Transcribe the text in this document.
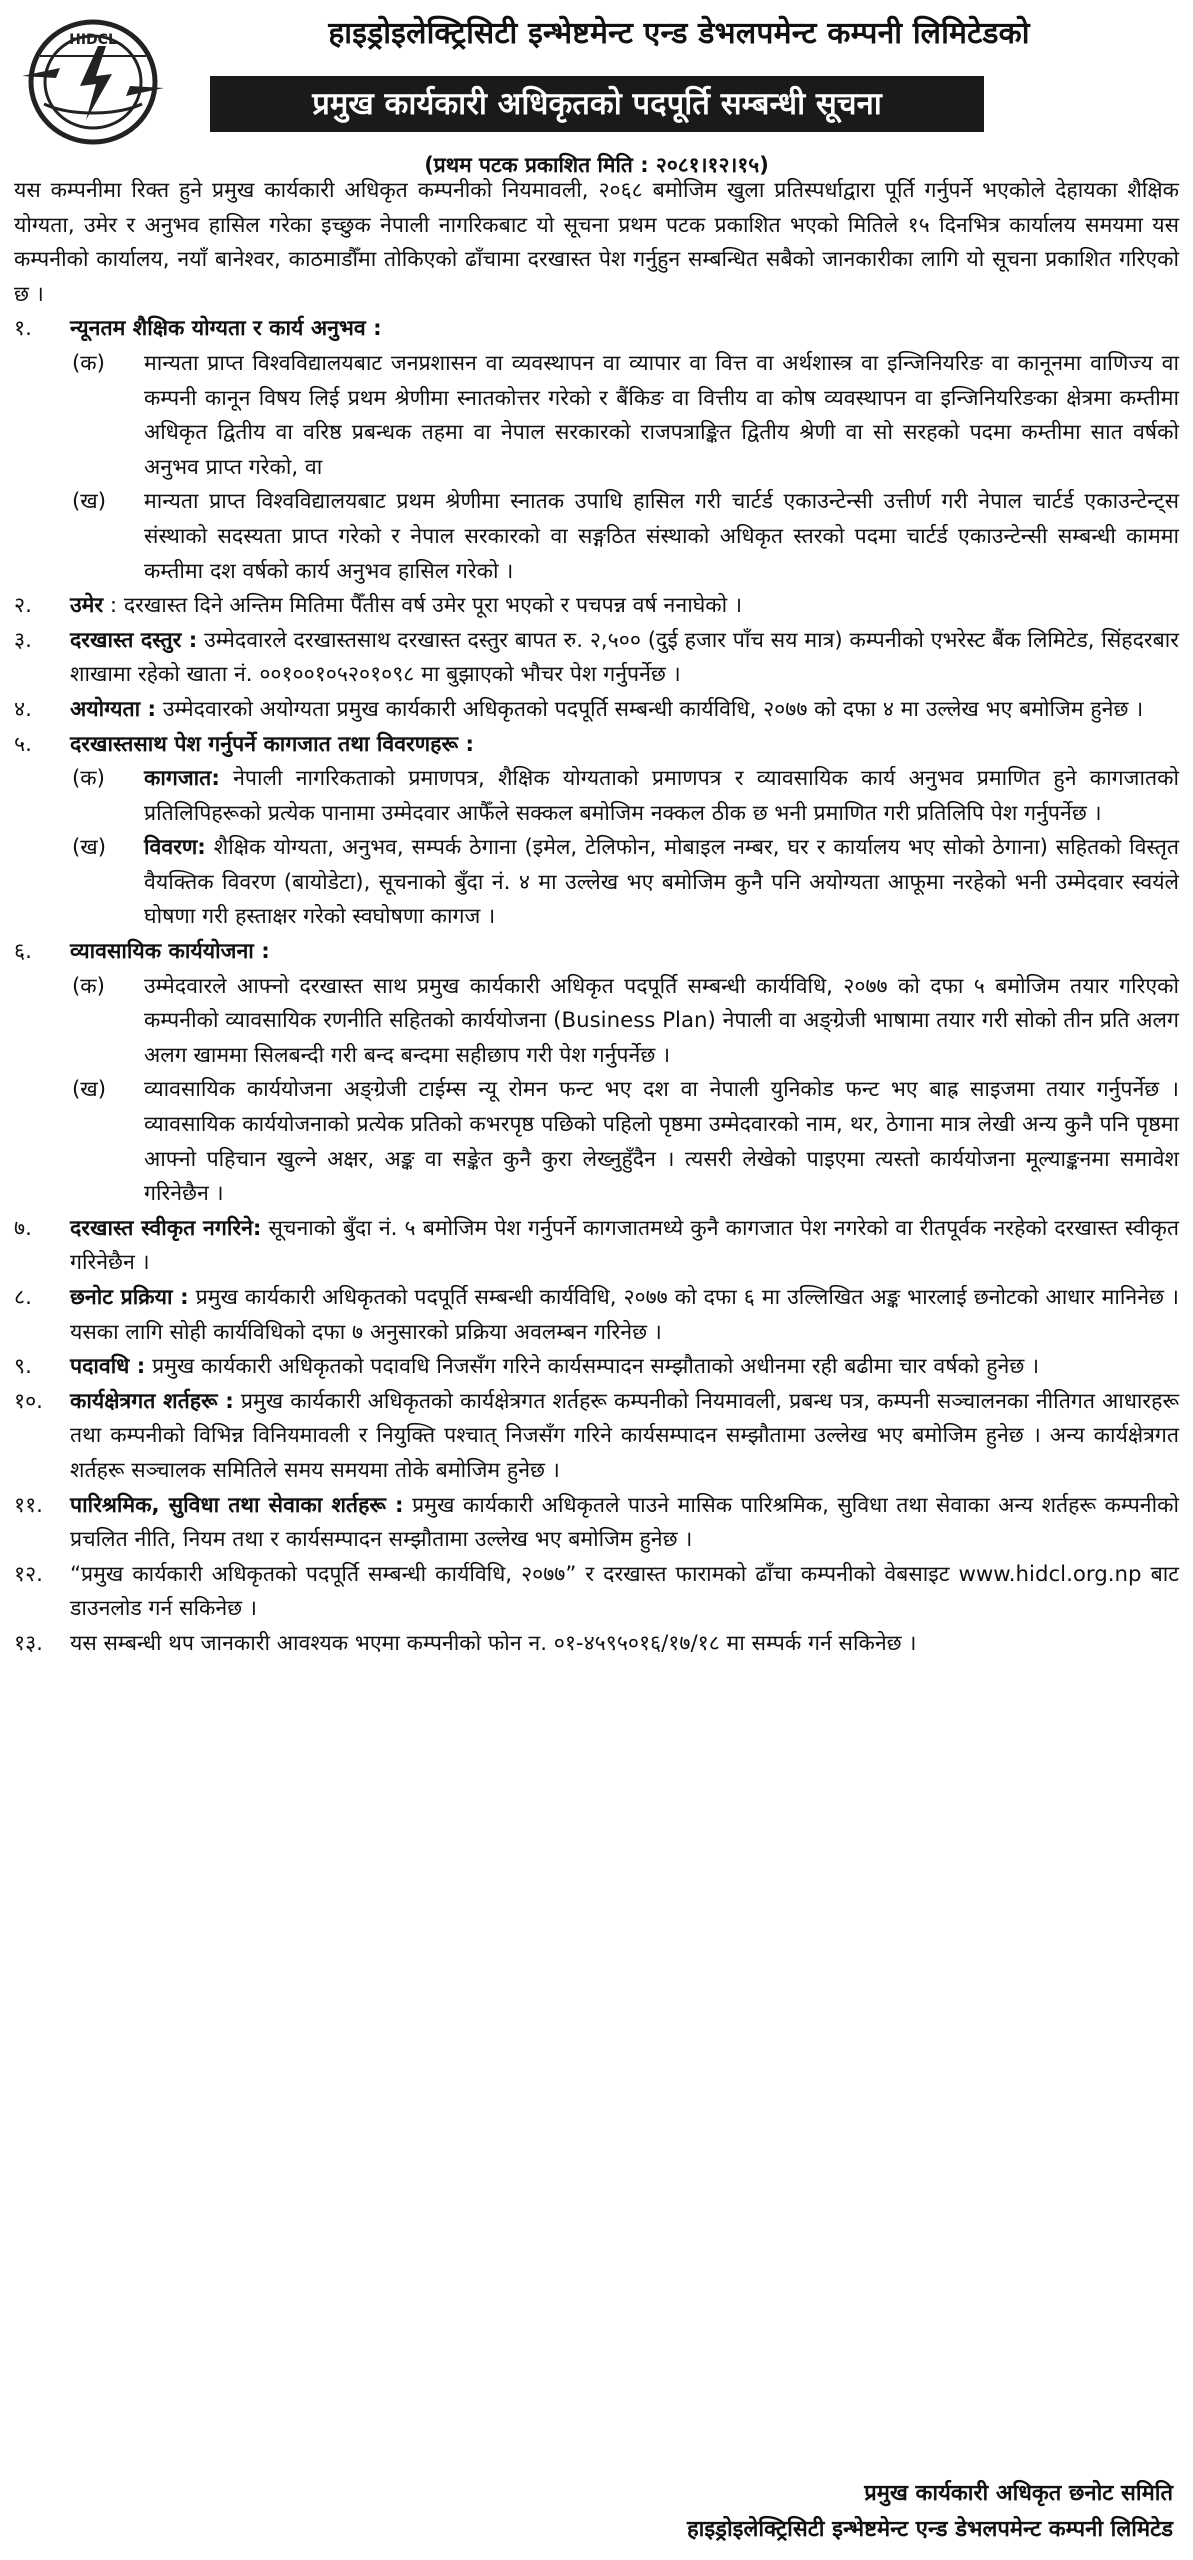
HIDCL	हाइड्रोइलेक्ट्रिसिटी इन्भेष्टमेन्ट एन्ड डेभलपमेन्ट कम्पनी लिमिटेडको
प्रमुख कार्यकारी अधिकृतको पदपूर्ति सम्बन्धी सूचना
(प्रथम पटक प्रकाशित मिति : २०८१।१२।१५)

यस कम्पनीमा रिक्त हुने प्रमुख कार्यकारी अधिकृत कम्पनीको नियमावली, २०६८ बमोजिम खुला प्रतिस्पर्धाद्वारा पूर्ति गर्नुपर्ने भएकोले देहायका शैक्षिक योग्यता, उमेर र अनुभव हासिल गरेका इच्छुक नेपाली नागरिकबाट यो सूचना प्रथम पटक प्रकाशित भएको मितिले १५ दिनभित्र कार्यालय समयमा यस कम्पनीको कार्यालय, नयाँ बानेश्वर, काठमाडौँमा तोकिएको ढाँचामा दरखास्त पेश गर्नुहुन सम्बन्धित सबैको जानकारीका लागि यो सूचना प्रकाशित गरिएको छ ।

१.	न्यूनतम शैक्षिक योग्यता र कार्य अनुभव :
(क)	मान्यता प्राप्त विश्वविद्यालयबाट जनप्रशासन वा व्यवस्थापन वा व्यापार वा वित्त वा अर्थशास्त्र वा इन्जिनियरिङ वा कानूनमा वाणिज्य वा कम्पनी कानून विषय लिई प्रथम श्रेणीमा स्नातकोत्तर गरेको र बैंकिङ वा वित्तीय वा कोष व्यवस्थापन वा इन्जिनियरिङका क्षेत्रमा कम्तीमा अधिकृत द्वितीय वा वरिष्ठ प्रबन्धक तहमा वा नेपाल सरकारको राजपत्राङ्कित द्वितीय श्रेणी वा सो सरहको पदमा कम्तीमा सात वर्षको अनुभव प्राप्त गरेको, वा
(ख)	मान्यता प्राप्त विश्वविद्यालयबाट प्रथम श्रेणीमा स्नातक उपाधि हासिल गरी चार्टर्ड एकाउन्टेन्सी उत्तीर्ण गरी नेपाल चार्टर्ड एकाउन्टेन्ट्स संस्थाको सदस्यता प्राप्त गरेको र नेपाल सरकारको वा सङ्गठित संस्थाको अधिकृत स्तरको पदमा चार्टर्ड एकाउन्टेन्सी सम्बन्धी काममा कम्तीमा दश वर्षको कार्य अनुभव हासिल गरेको ।
२.	उमेर : दरखास्त दिने अन्तिम मितिमा पैँतीस वर्ष उमेर पूरा भएको र पचपन्न वर्ष ननाघेको ।
३.	दरखास्त दस्तुर : उम्मेदवारले दरखास्तसाथ दरखास्त दस्तुर बापत रु. २,५०० (दुई हजार पाँच सय मात्र) कम्पनीको एभरेस्ट बैंक लिमिटेड, सिंहदरबार शाखामा रहेको खाता नं. ००१००१०५२०१०९८ मा बुझाएको भौचर पेश गर्नुपर्नेछ ।
४.	अयोग्यता : उम्मेदवारको अयोग्यता प्रमुख कार्यकारी अधिकृतको पदपूर्ति सम्बन्धी कार्यविधि, २०७७ को दफा ४ मा उल्लेख भए बमोजिम हुनेछ ।
५.	दरखास्तसाथ पेश गर्नुपर्ने कागजात तथा विवरणहरू :
(क)	कागजात: नेपाली नागरिकताको प्रमाणपत्र, शैक्षिक योग्यताको प्रमाणपत्र र व्यावसायिक कार्य अनुभव प्रमाणित हुने कागजातको प्रतिलिपिहरूको प्रत्येक पानामा उम्मेदवार आफैँले सक्कल बमोजिम नक्कल ठीक छ भनी प्रमाणित गरी प्रतिलिपि पेश गर्नुपर्नेछ ।
(ख)	विवरण: शैक्षिक योग्यता, अनुभव, सम्पर्क ठेगाना (इमेल, टेलिफोन, मोबाइल नम्बर, घर र कार्यालय भए सोको ठेगाना) सहितको विस्तृत वैयक्तिक विवरण (बायोडेटा), सूचनाको बुँदा नं. ४ मा उल्लेख भए बमोजिम कुनै पनि अयोग्यता आफूमा नरहेको भनी उम्मेदवार स्वयंले घोषणा गरी हस्ताक्षर गरेको स्वघोषणा कागज ।
६.	व्यावसायिक कार्ययोजना :
(क)	उम्मेदवारले आफ्नो दरखास्त साथ प्रमुख कार्यकारी अधिकृत पदपूर्ति सम्बन्धी कार्यविधि, २०७७ को दफा ५ बमोजिम तयार गरिएको कम्पनीको व्यावसायिक रणनीति सहितको कार्ययोजना (Business Plan) नेपाली वा अङ्ग्रेजी भाषामा तयार गरी सोको तीन प्रति अलग अलग खाममा सिलबन्दी गरी बन्द बन्दमा सहीछाप गरी पेश गर्नुपर्नेछ ।
(ख)	व्यावसायिक कार्ययोजना अङ्ग्रेजी टाईम्स न्यू रोमन फन्ट भए दश वा नेपाली युनिकोड फन्ट भए बाह्र साइजमा तयार गर्नुपर्नेछ । व्यावसायिक कार्ययोजनाको प्रत्येक प्रतिको कभरपृष्ठ पछिको पहिलो पृष्ठमा उम्मेदवारको नाम, थर, ठेगाना मात्र लेखी अन्य कुनै पनि पृष्ठमा आफ्नो पहिचान खुल्ने अक्षर, अङ्क वा सङ्केत कुनै कुरा लेख्नुहुँदैन । त्यसरी लेखेको पाइएमा त्यस्तो कार्ययोजना मूल्याङ्कनमा समावेश गरिनेछैन ।
७.	दरखास्त स्वीकृत नगरिने: सूचनाको बुँदा नं. ५ बमोजिम पेश गर्नुपर्ने कागजातमध्ये कुनै कागजात पेश नगरेको वा रीतपूर्वक नरहेको दरखास्त स्वीकृत गरिनेछैन ।
८.	छनोट प्रक्रिया : प्रमुख कार्यकारी अधिकृतको पदपूर्ति सम्बन्धी कार्यविधि, २०७७ को दफा ६ मा उल्लिखित अङ्क भारलाई छनोटको आधार मानिनेछ । यसका लागि सोही कार्यविधिको दफा ७ अनुसारको प्रक्रिया अवलम्बन गरिनेछ ।
९.	पदावधि : प्रमुख कार्यकारी अधिकृतको पदावधि निजसँग गरिने कार्यसम्पादन सम्झौताको अधीनमा रही बढीमा चार वर्षको हुनेछ ।
१०.	कार्यक्षेत्रगत शर्तहरू : प्रमुख कार्यकारी अधिकृतको कार्यक्षेत्रगत शर्तहरू कम्पनीको नियमावली, प्रबन्ध पत्र, कम्पनी सञ्चालनका नीतिगत आधारहरू तथा कम्पनीको विभिन्न विनियमावली र नियुक्ति पश्चात् निजसँग गरिने कार्यसम्पादन सम्झौतामा उल्लेख भए बमोजिम हुनेछ । अन्य कार्यक्षेत्रगत शर्तहरू सञ्चालक समितिले समय समयमा तोके बमोजिम हुनेछ ।
११.	पारिश्रमिक, सुविधा तथा सेवाका शर्तहरू : प्रमुख कार्यकारी अधिकृतले पाउने मासिक पारिश्रमिक, सुविधा तथा सेवाका अन्य शर्तहरू कम्पनीको प्रचलित नीति, नियम तथा र कार्यसम्पादन सम्झौतामा उल्लेख भए बमोजिम हुनेछ ।
१२.	“प्रमुख कार्यकारी अधिकृतको पदपूर्ति सम्बन्धी कार्यविधि, २०७७” र दरखास्त फारामको ढाँचा कम्पनीको वेबसाइट www.hidcl.org.np बाट डाउनलोड गर्न सकिनेछ ।
१३.	यस सम्बन्धी थप जानकारी आवश्यक भएमा कम्पनीको फोन न. ०१-४५९५०१६/१७/१८ मा सम्पर्क गर्न सकिनेछ ।
प्रमुख कार्यकारी अधिकृत छनोट समिति
हाइड्रोइलेक्ट्रिसिटी इन्भेष्टमेन्ट एन्ड डेभलपमेन्ट कम्पनी लिमिटेड
